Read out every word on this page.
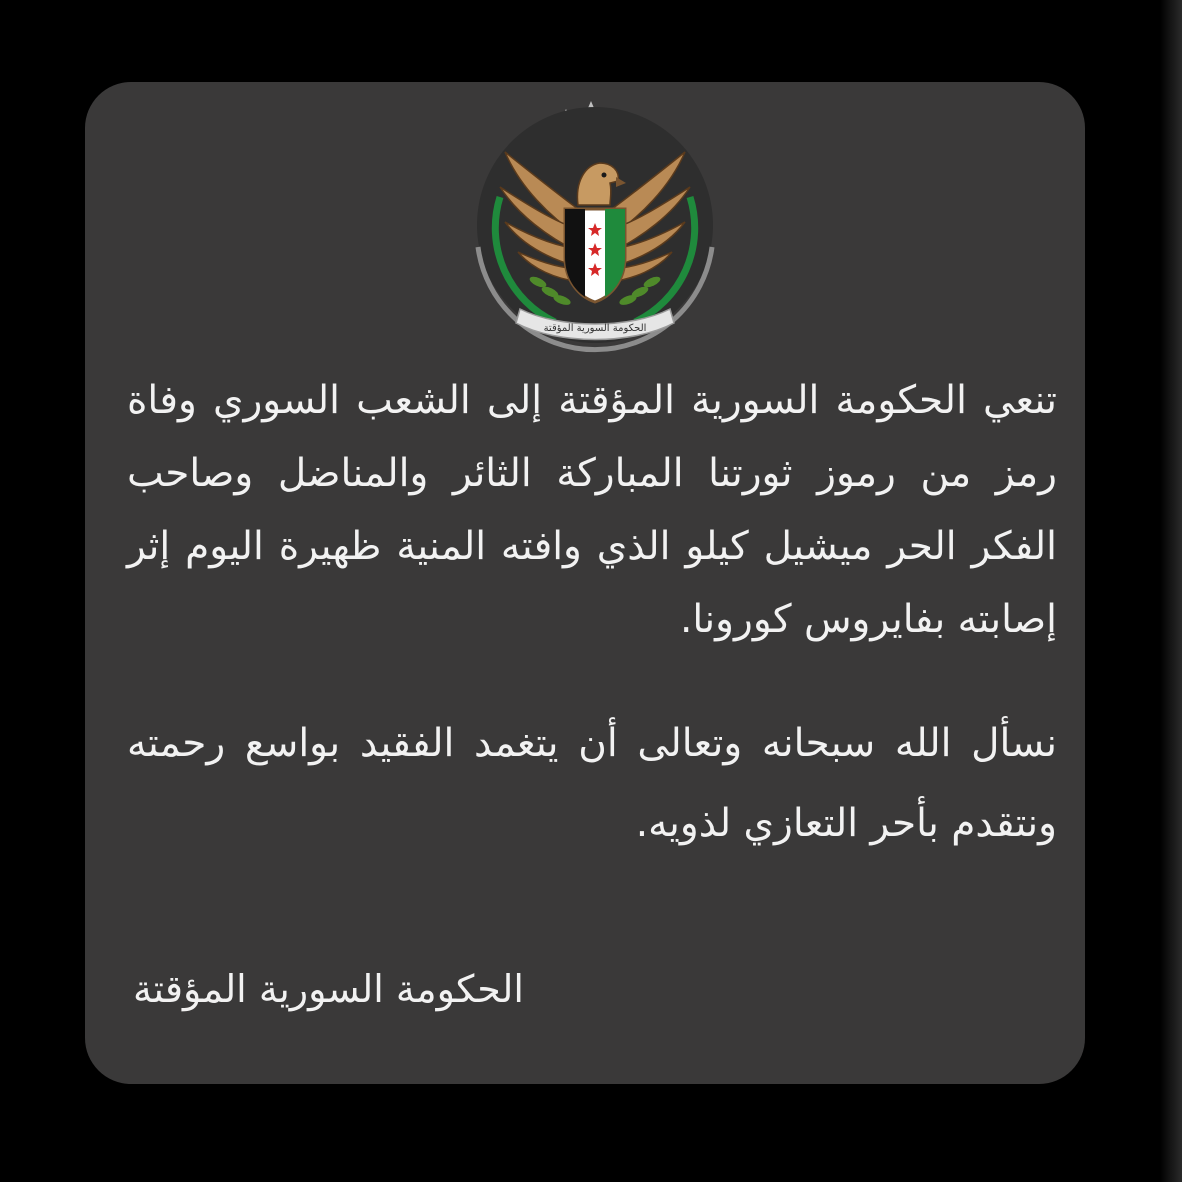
الحكومة السورية المؤقتة

تنعي الحكومة السورية المؤقتة إلى الشعب السوري وفاة رمز من رموز ثورتنا المباركة الثائر والمناضل وصاحب الفكر الحر ميشيل كيلو الذي وافته المنية ظهيرة اليوم إثر إصابته بفايروس كورونا.

نسأل الله سبحانه وتعالى أن يتغمد الفقيد بواسع رحمته ونتقدم بأحر التعازي لذويه.

الحكومة السورية المؤقتة
